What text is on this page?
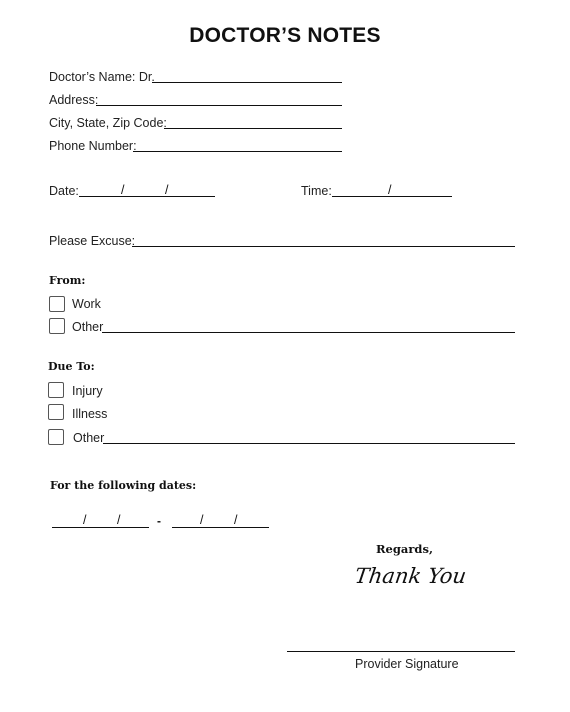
DOCTOR’S NOTES
Doctor’s Name: Dr.
Address:
City, State, Zip Code:
Phone Number:
Date:	/	/	Time:	/
Please Excuse:
From:
Work
Other
Due To:
Injury
Illness
Other
For the following dates:
/ /	-	/ /
Regards,
Thank You
Provider Signature
